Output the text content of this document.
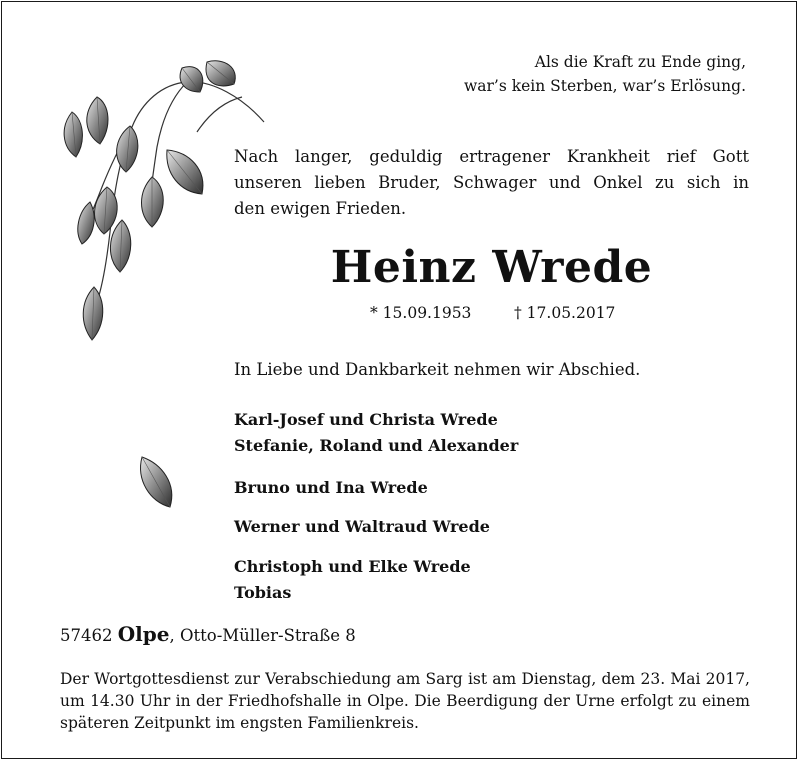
Als die Kraft zu Ende ging,
war’s kein Sterben, war’s Erlösung.
Nach langer, geduldig ertragener Krankheit rief Gott
unseren lieben Bruder, Schwager und Onkel zu sich in
den ewigen Frieden.
Heinz Wrede
* 15.09.1953	† 17.05.2017
In Liebe und Dankbarkeit nehmen wir Abschied.
Karl-Josef und Christa Wrede
Stefanie, Roland und Alexander
Bruno und Ina Wrede
Werner und Waltraud Wrede
Christoph und Elke Wrede
Tobias
57462 Olpe, Otto-Müller-Straße 8
Der Wortgottesdienst zur Verabschiedung am Sarg ist am Dienstag, dem 23. Mai 2017,
um 14.30 Uhr in der Friedhofshalle in Olpe. Die Beerdigung der Urne erfolgt zu einem
späteren Zeitpunkt im engsten Familienkreis.
